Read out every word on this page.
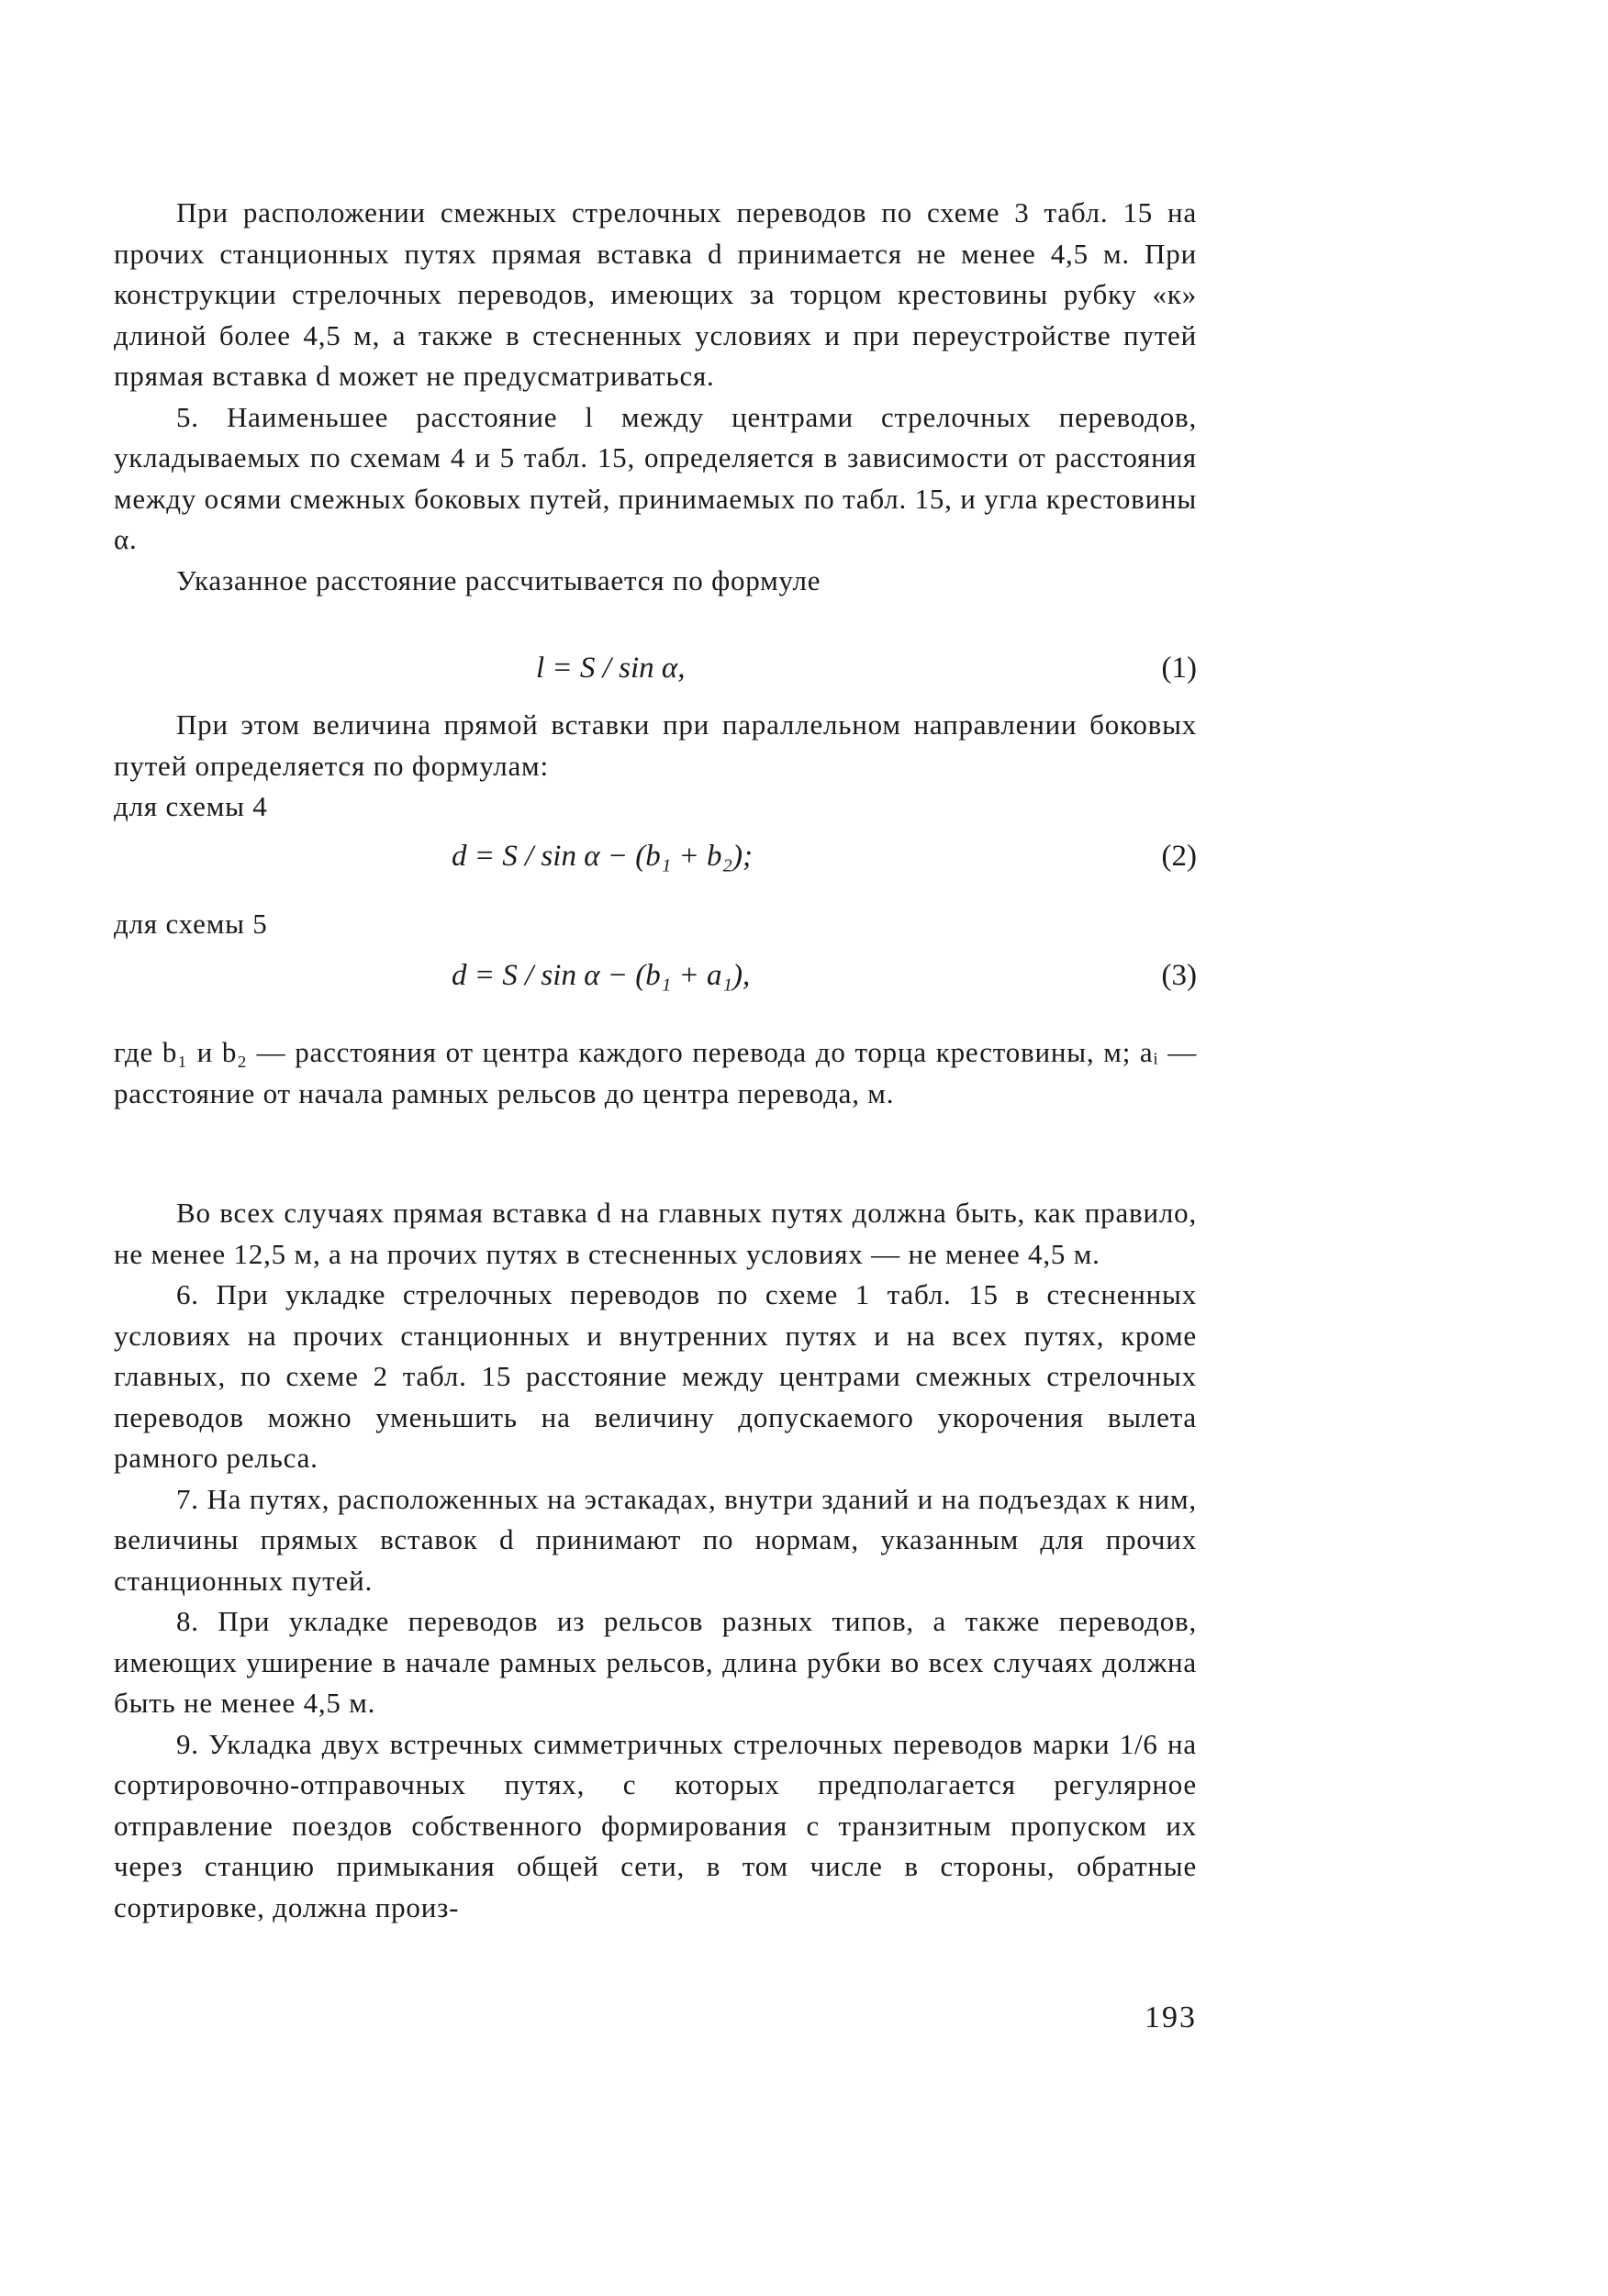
При расположении смежных стрелочных переводов по схеме 3 табл. 15 на прочих станционных путях прямая вставка d принимается не менее 4,5 м. При конструкции стрелочных переводов, имеющих за торцом крестовины рубку «к» длиной более 4,5 м, а также в стесненных условиях и при переустройстве путей прямая вставка d может не предусматриваться.

5. Наименьшее расстояние l между центрами стрелочных переводов, укладываемых по схемам 4 и 5 табл. 15, определяется в зависимости от расстояния между осями смежных боковых путей, принимаемых по табл. 15, и угла крестовины α.

Указанное расстояние рассчитывается по формуле

l = S / sin α,	(1)

При этом величина прямой вставки при параллельном направлении боковых путей определяется по формулам:

для схемы 4

d = S / sin α − (b₁ + b₂);	(2)

для схемы 5

d = S / sin α − (b₁ + a₁),	(3)

где b₁ и b₂ — расстояния от центра каждого перевода до торца крестовины, м; aᵢ — расстояние от начала рамных рельсов до центра перевода, м.

Во всех случаях прямая вставка d на главных путях должна быть, как правило, не менее 12,5 м, а на прочих путях в стесненных условиях — не менее 4,5 м.

6. При укладке стрелочных переводов по схеме 1 табл. 15 в стесненных условиях на прочих станционных и внутренних путях и на всех путях, кроме главных, по схеме 2 табл. 15 расстояние между центрами смежных стрелочных переводов можно уменьшить на величину допускаемого укорочения вылета рамного рельса.

7. На путях, расположенных на эстакадах, внутри зданий и на подъездах к ним, величины прямых вставок d принимают по нормам, указанным для прочих станционных путей.

8. При укладке переводов из рельсов разных типов, а также переводов, имеющих уширение в начале рамных рельсов, длина рубки во всех случаях должна быть не менее 4,5 м.

9. Укладка двух встречных симметричных стрелочных переводов марки 1/6 на сортировочно-отправочных путях, с которых предполагается регулярное отправление поездов собственного формирования с транзитным пропуском их через станцию примыкания общей сети, в том числе в стороны, обратные сортировке, должна произ-

193
